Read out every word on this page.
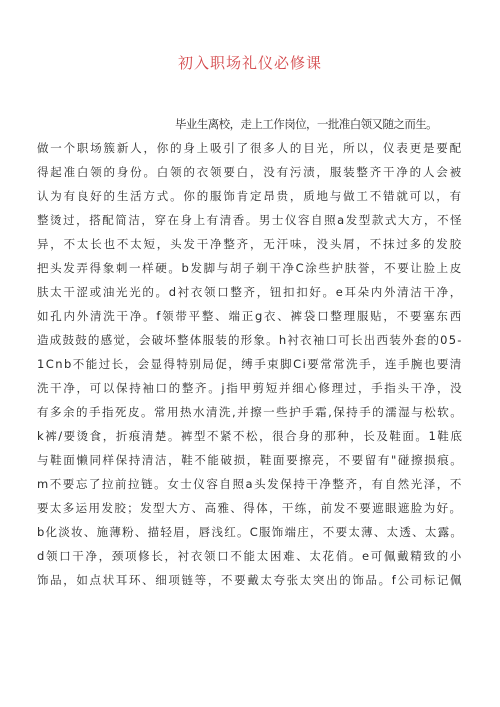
初入职场礼仪必修课
毕业生离校，走上工作岗位，一批准白领又随之而生。
做一个职场簇新人，你的身上吸引了很多人的目光，所以，仪表更是要配
得起准白领的身份。白领的衣领要白，没有污渍，服装整齐干净的人会被
认为有良好的生活方式。你的服饰肯定昂贵，质地与做工不错就可以，有
整烫过，搭配简洁，穿在身上有清香。男士仪容自照a发型款式大方，不怪
异，不太长也不太短，头发干净整齐，无汗味，没头屑，不抹过多的发胶
把头发弄得象刺一样硬。b发脚与胡子剃干净C涂些护肤誉，不要让脸上皮
肤太干涩或油光光的。d衬衣领口整齐，钮扣扣好。e耳朵内外清洁干净，
如孔内外清洗干净。f领带平整、端正g衣、裤袋口整理服贴，不要塞东西
造成鼓鼓的感觉，会破坏整体服装的形象。h衬衣袖口可长出西装外套的05-
1Cnb不能过长，会显得特别局促，缚手束脚Ci要常常洗手，连手腕也要清
洗干净，可以保持袖口的整齐。j指甲剪短并细心修理过，手指头干净，没
有多余的手指死皮。常用热水清洗,并擦一些护手霜,保持手的濡湿与松软。
k裤/要烫食，折痕清楚。裤型不紧不松，很合身的那种，长及鞋面。1鞋底
与鞋面懒同样保持清洁，鞋不能破损，鞋面要擦亮，不要留有"碰擦损痕。
m不要忘了拉前拉链。女士仪容自照a头发保持干净整齐，有自然光泽，不
要太多运用发胶；发型大方、高雅、得体，干练，前发不要遮眼遮脸为好。
b化淡妆、施薄粉、描轻眉，唇浅红。C服饰端庄，不要太薄、太透、太露。
d领口干净，颈项修长，衬衣领口不能太困难、太花俏。e可佩戴精致的小
饰品，如点状耳环、细项链等，不要戴太夸张太突出的饰品。f公司标记佩
